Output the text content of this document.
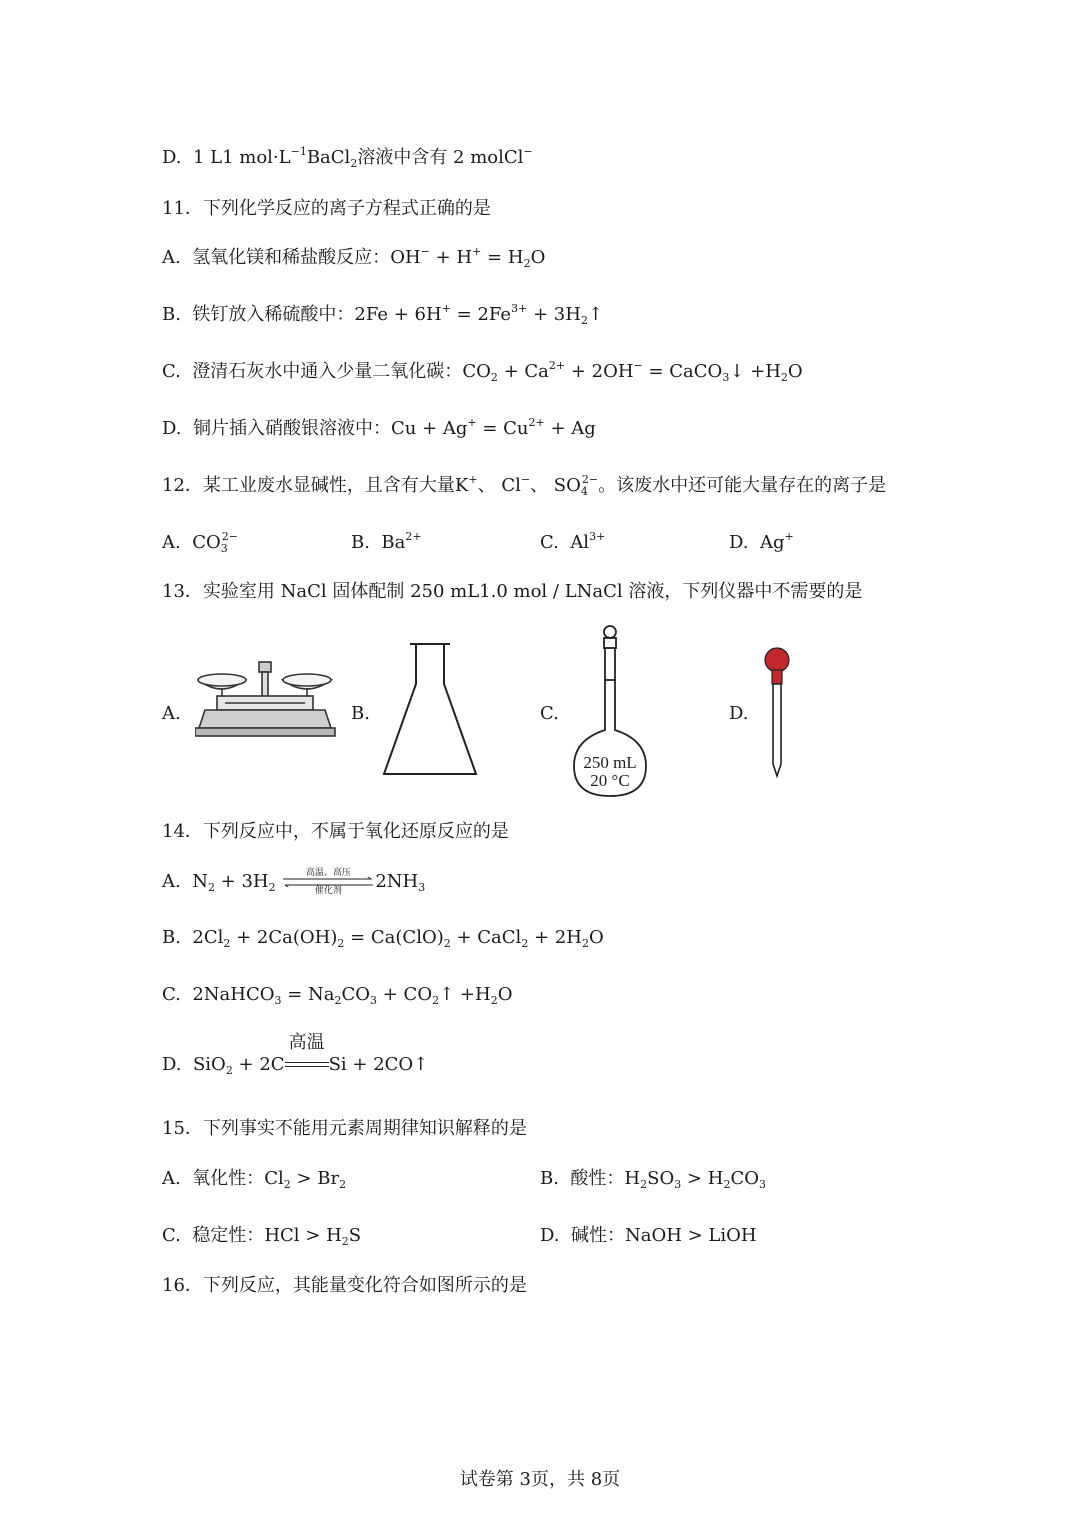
D. 1 L1 $mol\cdot L^{-1}BaCl_2$溶液中含有 2 molCl−
11．下列化学反应的离子方程式正确的是
A. 氢氧化镁和稀盐酸反应：$OH^- + H^+ = H_2O$
B. 铁钉放入稀硫酸中：$2Fe + 6H^+ = 2Fe^{3+}$ + $3H_2↑$
C. 澄清石灰水中通入少量二氧化碳：$CO_2 + Ca^{2+} + 2OH^-$ = CaCO$_3$↓ $+H_2O$
D. 铜片插入硝酸银溶液中：$Cu + Ag^+ = Cu^{2+} + Ag$
12．某工业废水显碱性，且含有大量K+、 Cl−、 $SO_4^{2-}$。该废水中还可能大量存在的离子是
A. $CO_3^{2-}$	B. $Ba^{2+}$	C. $Al^{3+}$	D. Ag+
13．实验室用 NaCl 固体配制 250 mL1.0 mol / LNaCl 溶液，下列仪器中不需要的是
A.	B.	C.	D.
250 mL
20 °C
14．下列反应中，不属于氧化还原反应的是
A. $N_2 + 3H_2$
高温、高压
催化剂	$2NH_3$
B. $2Cl_2 + 2Ca(OH)_2 = Ca(ClO)_2$ + CaCl$_2$ + $2H_2O$
C. 2NaHCO$_3$ = $Na_2CO_3$ + $CO_2↑ +H_2O$
D. SiO$_2$ + 2C
高温
Si + 2CO↑
15．下列事实不能用元素周期律知识解释的是
A. 氧化性：$Cl_2 > Br_2$	B. 酸性：$H_2SO_3 > H_2CO_3$
C. 稳定性：HCl > $H_2S$	D. 碱性：NaOH > LiOH
16．下列反应，其能量变化符合如图所示的是
试卷第 3页，共 8页
